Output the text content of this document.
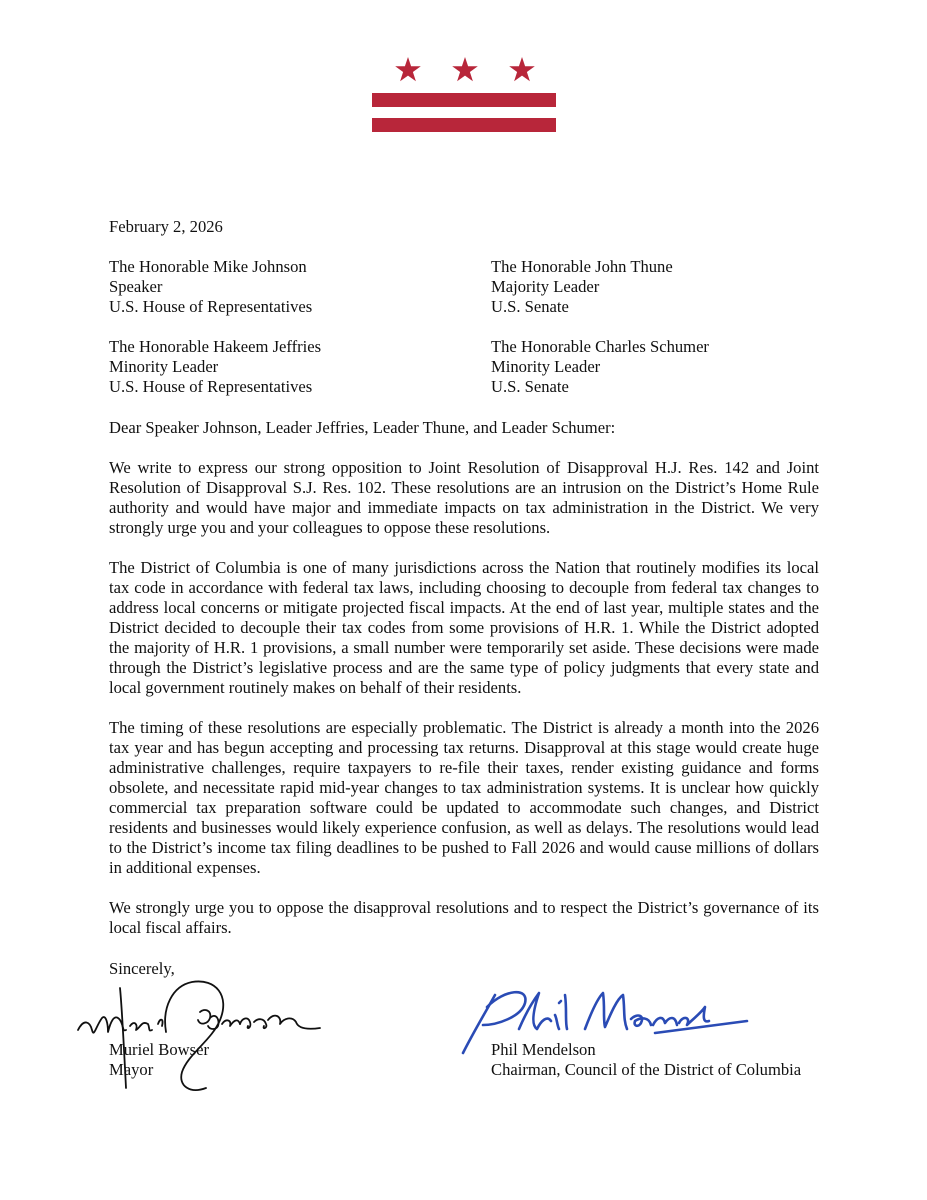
February 2, 2026
The Honorable Mike Johnson
Speaker
U.S. House of Representatives
The Honorable John Thune
Majority Leader
U.S. Senate
The Honorable Hakeem Jeffries
Minority Leader
U.S. House of Representatives
The Honorable Charles Schumer
Minority Leader
U.S. Senate
Dear Speaker Johnson, Leader Jeffries, Leader Thune, and Leader Schumer:

We write to express our strong opposition to Joint Resolution of Disapproval H.J. Res. 142 and Joint Resolution of Disapproval S.J. Res. 102. These resolutions are an intrusion on the District’s Home Rule authority and would have major and immediate impacts on tax administration in the District. We very strongly urge you and your colleagues to oppose these resolutions.

The District of Columbia is one of many jurisdictions across the Nation that routinely modifies its local tax code in accordance with federal tax laws, including choosing to decouple from federal tax changes to address local concerns or mitigate projected fiscal impacts. At the end of last year, multiple states and the District decided to decouple their tax codes from some provisions of H.R. 1. While the District adopted the majority of H.R. 1 provisions, a small number were temporarily set aside. These decisions were made through the District’s legislative process and are the same type of policy judgments that every state and local government routinely makes on behalf of their residents.

The timing of these resolutions are especially problematic. The District is already a month into the 2026 tax year and has begun accepting and processing tax returns. Disapproval at this stage would create huge administrative challenges, require taxpayers to re-file their taxes, render existing guidance and forms obsolete, and necessitate rapid mid-year changes to tax administration systems. It is unclear how quickly commercial tax preparation software could be updated to accommodate such changes, and District residents and businesses would likely experience confusion, as well as delays. The resolutions would lead to the District’s income tax filing deadlines to be pushed to Fall 2026 and would cause millions of dollars in additional expenses.

We strongly urge you to oppose the disapproval resolutions and to respect the District’s governance of its local fiscal affairs.

Sincerely,
Muriel Bowser
Mayor
Phil Mendelson
Chairman, Council of the District of Columbia
